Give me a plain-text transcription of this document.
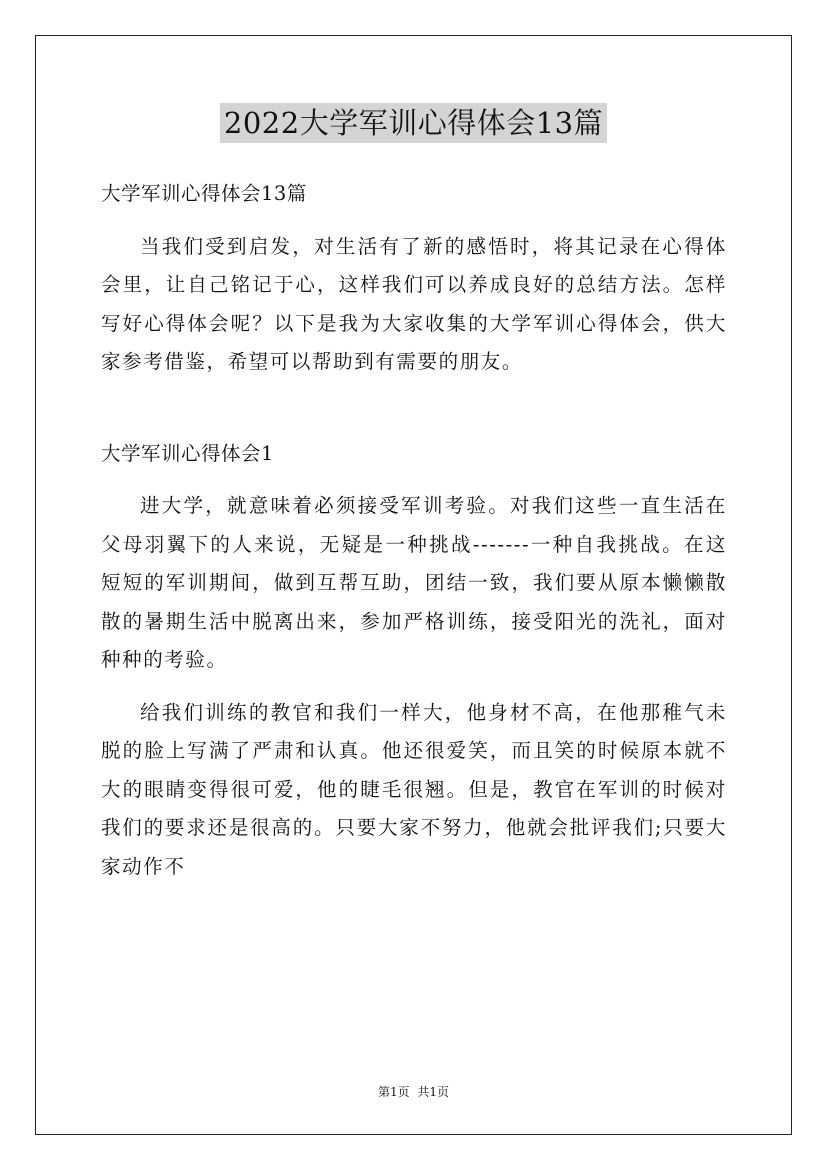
2022大学军训心得体会13篇

大学军训心得体会13篇

当我们受到启发，对生活有了新的感悟时，将其记录在心得体会里，让自己铭记于心，这样我们可以养成良好的总结方法。怎样写好心得体会呢？以下是我为大家收集的大学军训心得体会，供大家参考借鉴，希望可以帮助到有需要的朋友。

大学军训心得体会1

进大学，就意味着必须接受军训考验。对我们这些一直生活在父母羽翼下的人来说，无疑是一种挑战-------一种自我挑战。在这短短的军训期间，做到互帮互助，团结一致，我们要从原本懒懒散散的暑期生活中脱离出来，参加严格训练，接受阳光的洗礼，面对种种的考验。

给我们训练的教官和我们一样大，他身材不高，在他那稚气未脱的脸上写满了严肃和认真。他还很爱笑，而且笑的时候原本就不大的眼睛变得很可爱，他的睫毛很翘。但是，教官在军训的时候对我们的要求还是很高的。只要大家不努力，他就会批评我们;只要大家动作不

第1页 共1页
